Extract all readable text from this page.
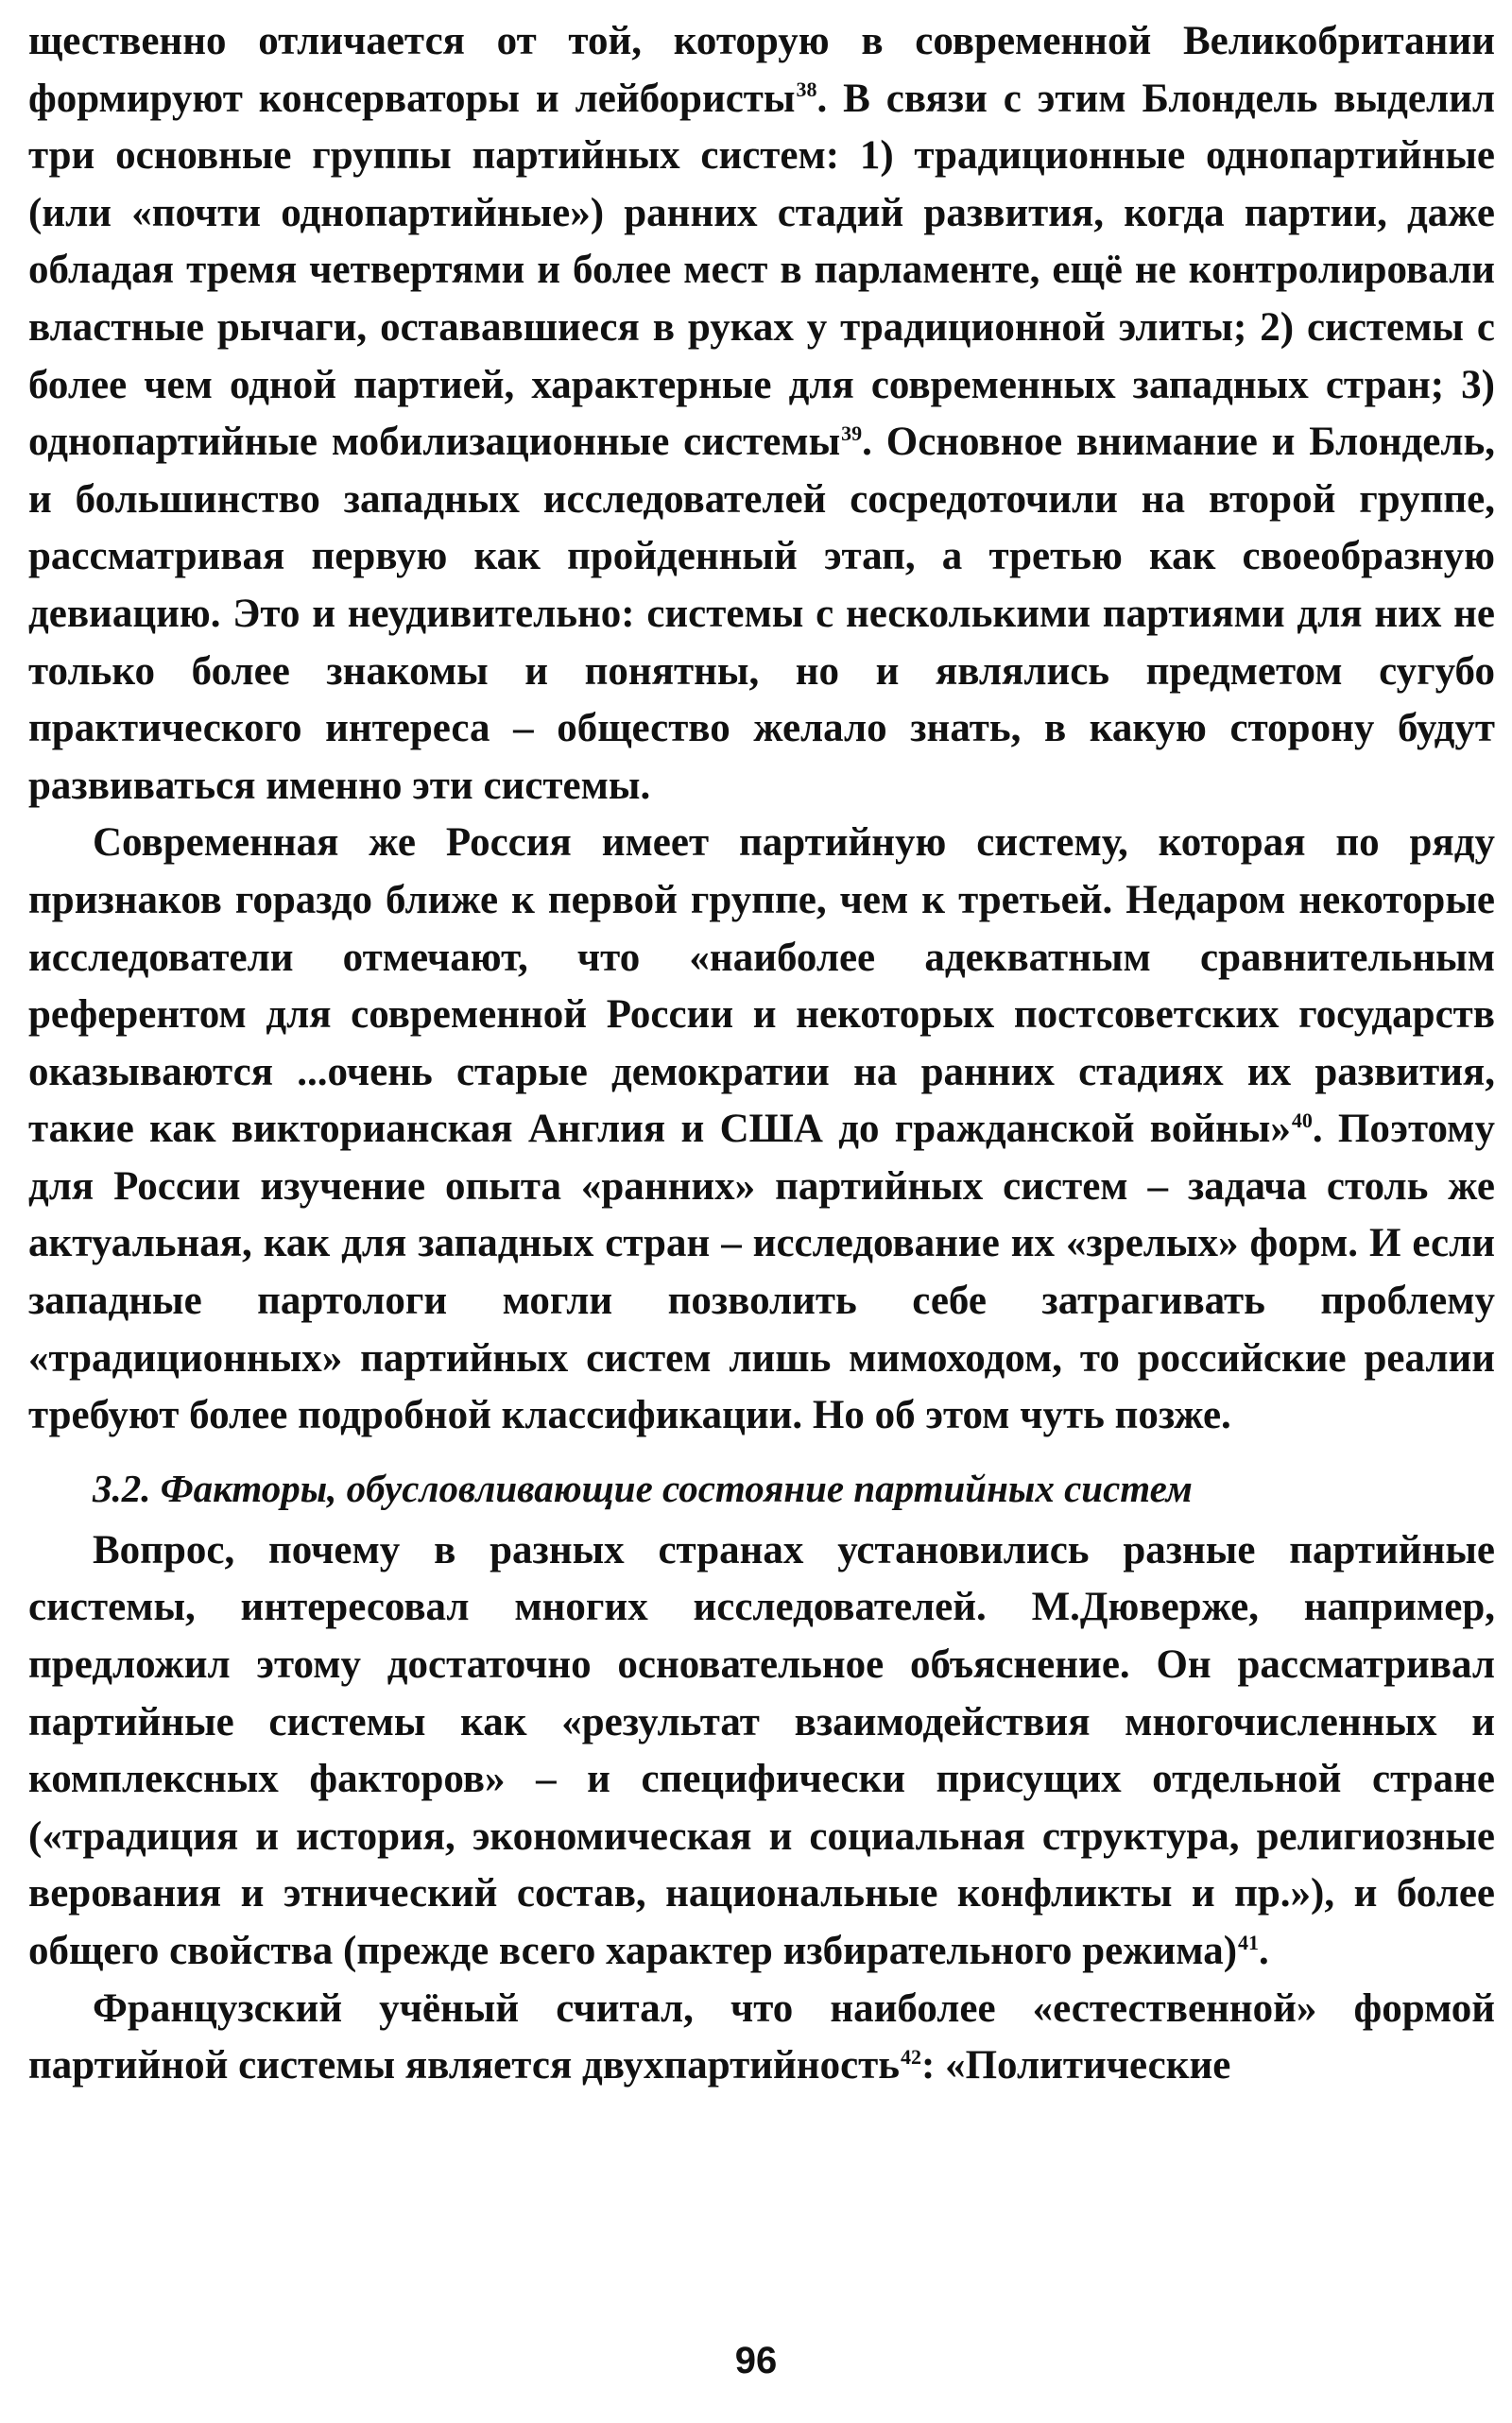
щественно отличается от той, которую в современной Великобритании формируют консерваторы и лейбористы$^{38}$. В связи с этим Блондель выделил три основные группы партийных систем: 1) традиционные однопартийные (или «почти однопартийные») ранних стадий развития, когда партии, даже обладая тремя четвертями и более мест в парламенте, ещё не контролировали властные рычаги, остававшиеся в руках у традиционной элиты; 2) системы с более чем одной партией, характерные для современных западных стран; 3) однопартийные мобилизационные системы$^{39}$. Основное внимание и Блондель, и большинство западных исследователей сосредоточили на второй группе, рассматривая первую как пройденный этап, а третью как своеобразную девиацию. Это и неудивительно: системы с несколькими партиями для них не только более знакомы и понятны, но и являлись предметом сугубо практического интереса – общество желало знать, в какую сторону будут развиваться именно эти системы.

Современная же Россия имеет партийную систему, которая по ряду признаков гораздо ближе к первой группе, чем к третьей. Недаром некоторые исследователи отмечают, что «наиболее адекватным сравнительным референтом для современной России и некоторых постсоветских государств оказываются ...очень старые демократии на ранних стадиях их развития, такие как викторианская Англия и США до гражданской войны»$^{40}$. Поэтому для России изучение опыта «ранних» партийных систем – задача столь же актуальная, как для западных стран – исследование их «зрелых» форм. И если западные партологи могли позволить себе затрагивать проблему «традиционных» партийных систем лишь мимоходом, то российские реалии требуют более подробной классификации. Но об этом чуть позже.

3.2. Факторы, обусловливающие состояние партийных систем

Вопрос, почему в разных странах установились разные партийные системы, интересовал многих исследователей. М.Дюверже, например, предложил этому достаточно основательное объяснение. Он рассматривал партийные системы как «результат взаимодействия многочисленных и комплексных факторов» – и специфически присущих отдельной стране («традиция и история, экономическая и социальная структура, религиозные верования и этнический состав, национальные конфликты и пр.»), и более общего свойства (прежде всего характер избирательного режима)$^{41}$.

Французский учёный считал, что наиболее «естественной» формой партийной системы является двухпартийность$^{42}$: «Политические

96
